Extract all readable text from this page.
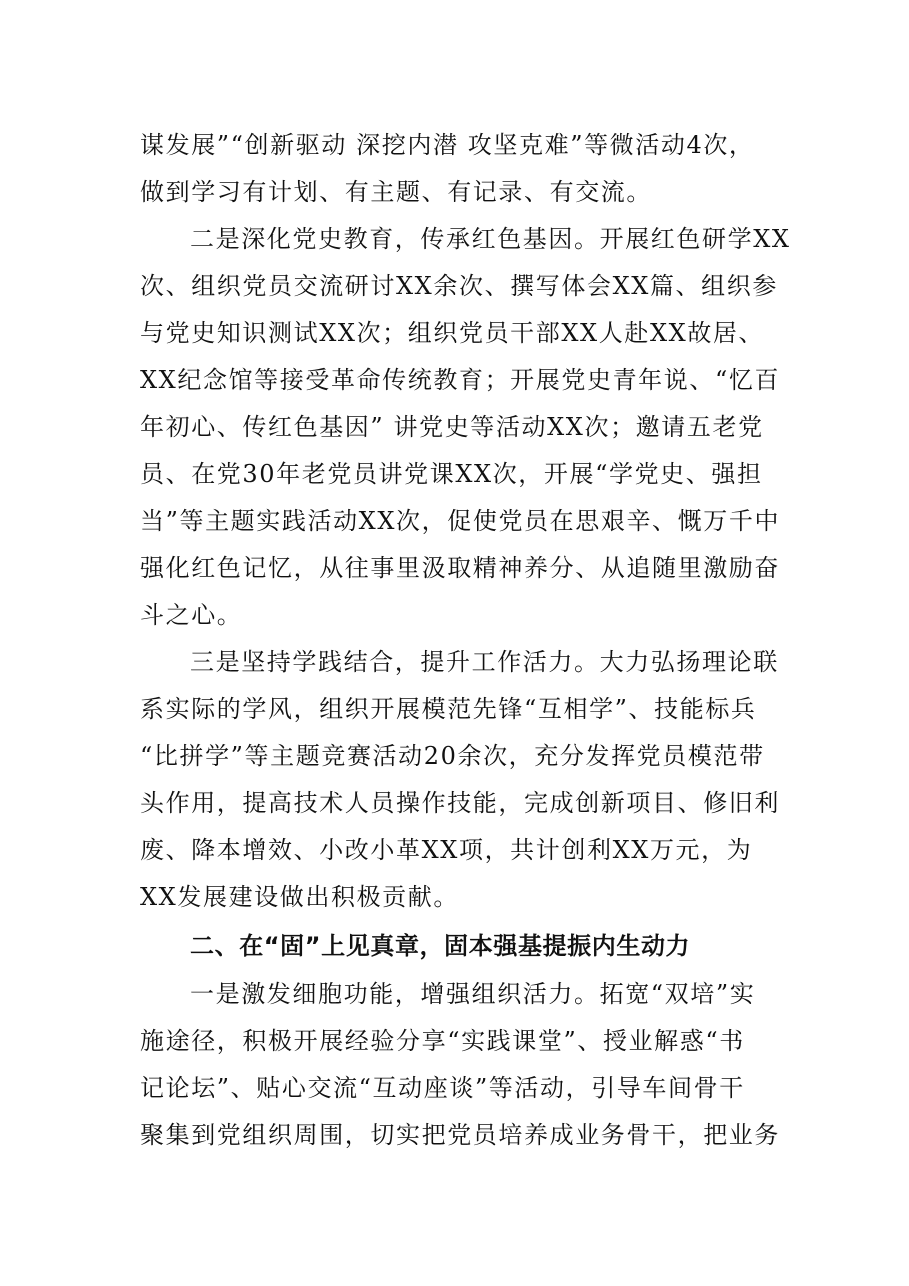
谋发展”“创新驱动 深挖内潜 攻坚克难”等微活动4次，
做到学习有计划、有主题、有记录、有交流。
二是深化党史教育，传承红色基因。开展红色研学XX
次、组织党员交流研讨XX余次、撰写体会XX篇、组织参
与党史知识测试XX次；组织党员干部XX人赴XX故居、
XX纪念馆等接受革命传统教育；开展党史青年说、“忆百
年初心、传红色基因” 讲党史等活动XX次；邀请五老党
员、在党30年老党员讲党课XX次，开展“学党史、强担
当”等主题实践活动XX次，促使党员在思艰辛、慨万千中
强化红色记忆，从往事里汲取精神养分、从追随里激励奋
斗之心。
三是坚持学践结合，提升工作活力。大力弘扬理论联
系实际的学风，组织开展模范先锋“互相学”、技能标兵
“比拼学”等主题竞赛活动20余次，充分发挥党员模范带
头作用，提高技术人员操作技能，完成创新项目、修旧利
废、降本增效、小改小革XX项，共计创利XX万元，为
XX发展建设做出积极贡献。
二、在“固”上见真章，固本强基提振内生动力
一是激发细胞功能，增强组织活力。拓宽“双培”实
施途径，积极开展经验分享“实践课堂”、授业解惑“书
记论坛”、贴心交流“互动座谈”等活动，引导车间骨干
聚集到党组织周围，切实把党员培养成业务骨干，把业务
